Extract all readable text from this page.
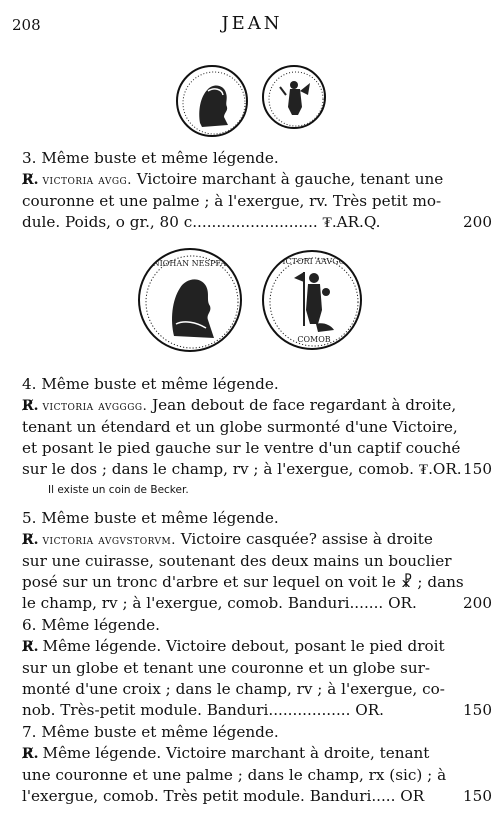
208	JEAN
DNIOHAN NESPFAVG	VICTORI AAVGGG
COMOB
3. Même buste et même légende.
R̸. victoria avgg. Victoire marchant à gauche, tenant une
couronne et une palme ; à l'exergue, rv. Très petit mo-
dule. Poids, o gr., 80 c.......................... ₮.AR.Q.	200
4. Même buste et même légende.
R̸. victoria avgggg. Jean debout de face regardant à droite,
tenant un étendard et un globe surmonté d'une Victoire,
et posant le pied gauche sur le ventre d'un captif couché
sur le dos ; dans le champ, rv ; à l'exergue, comob. ₮.OR. 150
Il existe un coin de Becker.
5. Même buste et même légende.
R̸. victoria avgvstorvm. Victoire casquée? assise à droite
sur une cuirasse, soutenant des deux mains un bouclier
posé sur un tronc d'arbre et sur lequel on voit le ☧ ; dans
le champ, rv ; à l'exergue, comob. Banduri....... OR.	200
6. Même légende.
R̸. Même légende. Victoire debout, posant le pied droit
sur un globe et tenant une couronne et un globe sur-
monté d'une croix ; dans le champ, rv ; à l'exergue, co-
nob. Très-petit module. Banduri................. OR.	150
7. Même buste et même légende.
R̸. Même légende. Victoire marchant à droite, tenant
une couronne et une palme ; dans le champ, rx (sic) ; à
l'exergue, comob. Très petit module. Banduri..... OR	150
